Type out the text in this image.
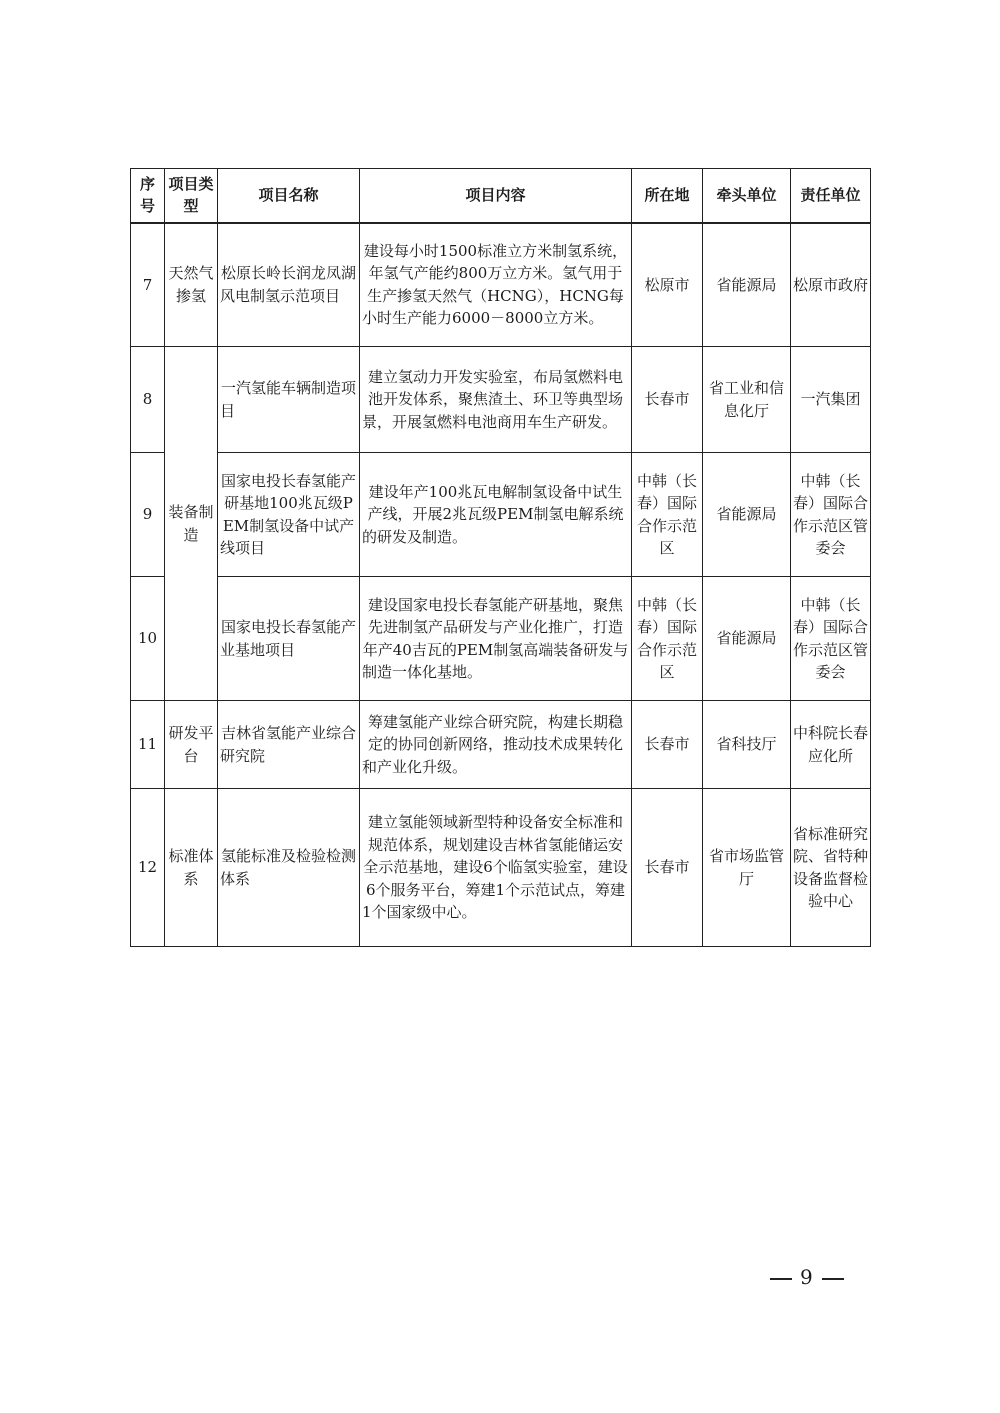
序号	项目类型	项目名称	项目内容	所在地	牵头单位	责任单位
7	天然气掺氢	松原长岭长润龙凤湖风电制氢示范项目	建设每小时1500标准立方米制氢系统，年氢气产能约800万立方米。氢气用于生产掺氢天然气（HCNG），HCNG每小时生产能力6000－8000立方米。	松原市	省能源局	松原市政府
8	装备制造	一汽氢能车辆制造项目	建立氢动力开发实验室，布局氢燃料电池开发体系，聚焦渣土、环卫等典型场景，开展氢燃料电池商用车生产研发。	长春市	省工业和信息化厅	一汽集团
9		国家电投长春氢能产研基地100兆瓦级PEM制氢设备中试产线项目	建设年产100兆瓦电解制氢设备中试生产线，开展2兆瓦级PEM制氢电解系统的研发及制造。	中韩（长春）国际合作示范区	省能源局	中韩（长春）国际合作示范区管委会
10		国家电投长春氢能产业基地项目	建设国家电投长春氢能产研基地，聚焦先进制氢产品研发与产业化推广，打造年产40吉瓦的PEM制氢高端装备研发与制造一体化基地。	中韩（长春）国际合作示范区	省能源局	中韩（长春）国际合作示范区管委会
11	研发平台	吉林省氢能产业综合研究院	筹建氢能产业综合研究院，构建长期稳定的协同创新网络，推动技术成果转化和产业化升级。	长春市	省科技厅	中科院长春应化所
12	标准体系	氢能标准及检验检测体系	建立氢能领域新型特种设备安全标准和规范体系，规划建设吉林省氢能储运安全示范基地，建设6个临氢实验室，建设6个服务平台，筹建1个示范试点，筹建1个国家级中心。	长春市	省市场监管厅	省标准研究院、省特种设备监督检验中心
9
